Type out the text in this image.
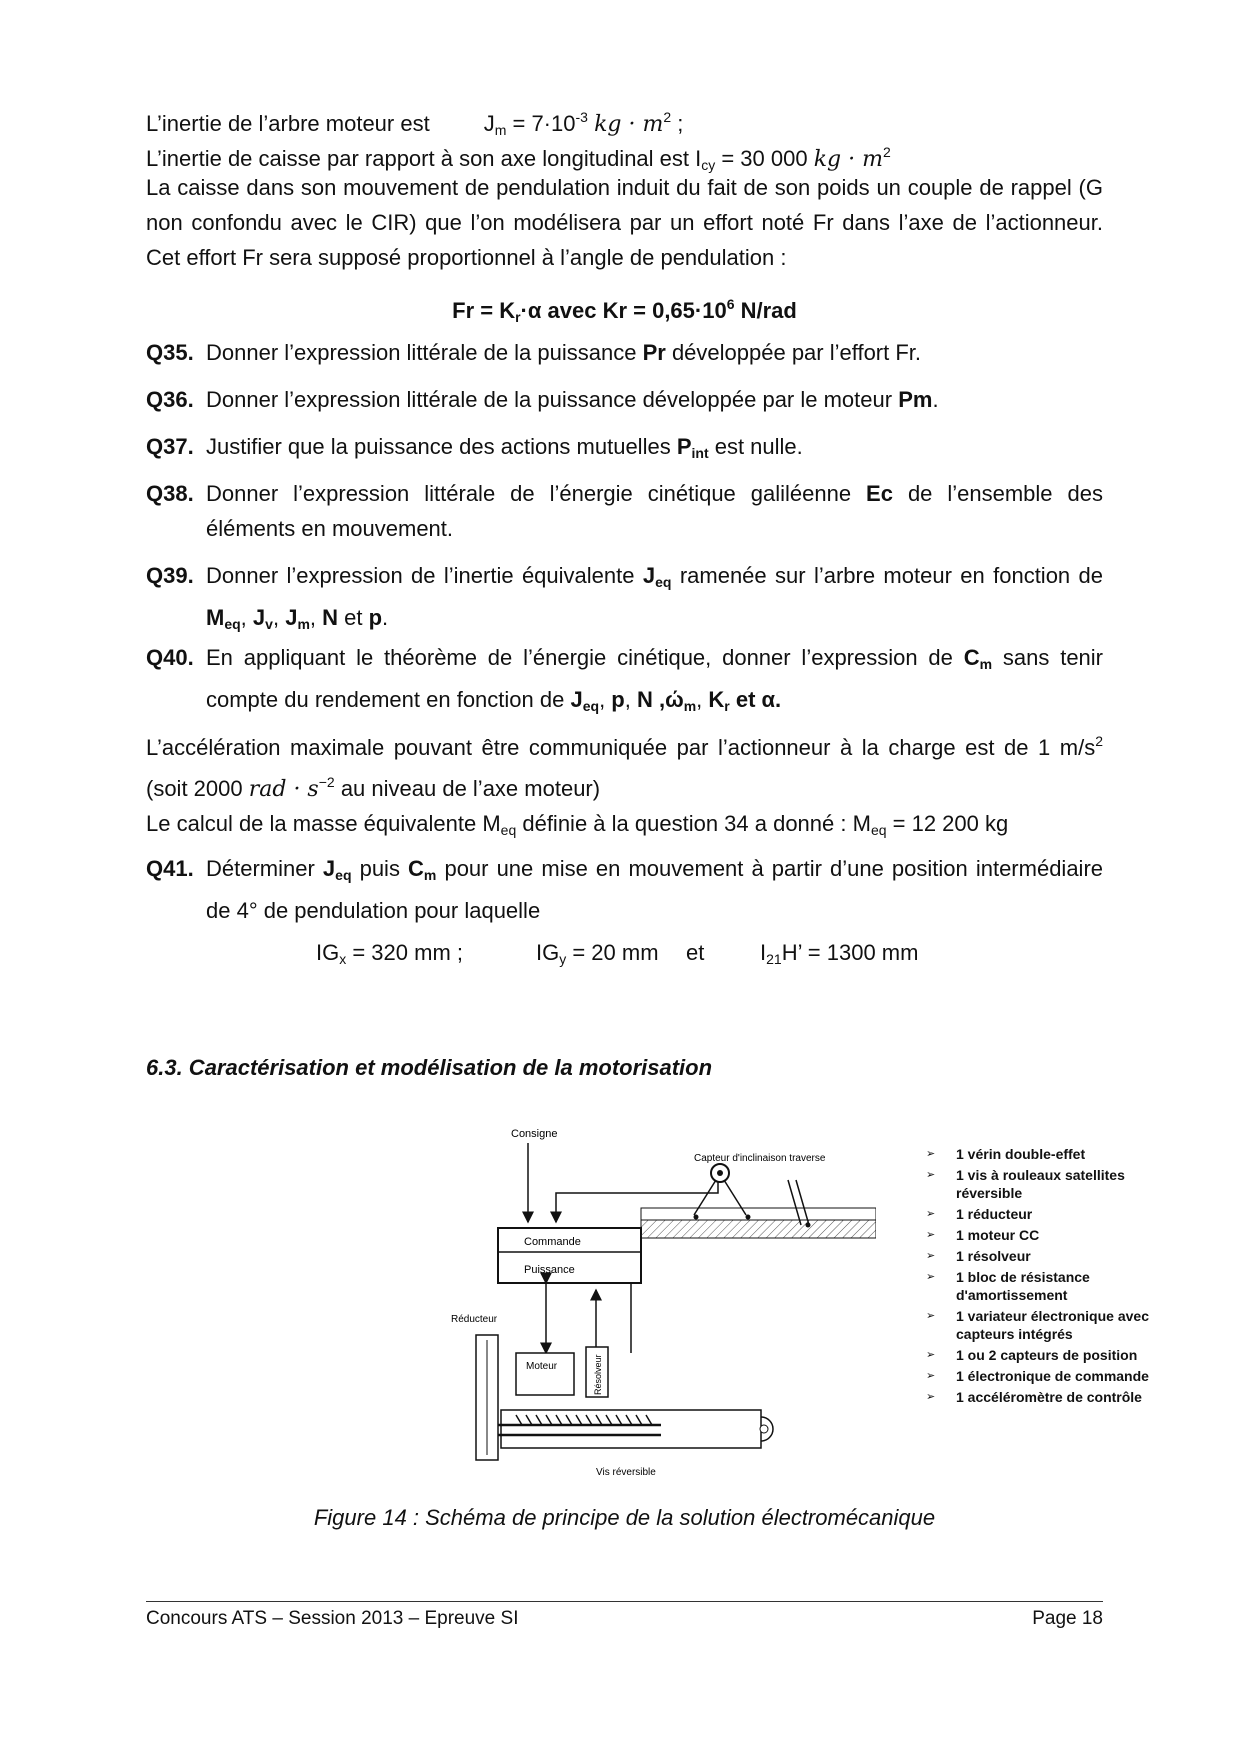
L’inertie de l’arbre moteur est $J_m = 7\cdot 10^{-3}$ kg · $m^2$ ;
L’inertie de caisse par rapport à son axe longitudinal est $I_{cy} = 30$ 000 kg · $m^2$
La caisse dans son mouvement de pendulation induit du fait de son poids un couple de rappel (G non confondu avec le CIR) que l’on modélisera par un effort noté Fr dans l’axe de l’actionneur. Cet effort Fr sera supposé proportionnel à l’angle de pendulation :
$Fr = K_r\cdot\alpha$ avec $Kr = 0,65\cdot 10^6$ N/rad
Q35. Donner l’expression littérale de la puissance Pr développée par l’effort Fr.
Q36. Donner l’expression littérale de la puissance développée par le moteur Pm.
Q37. Justifier que la puissance des actions mutuelles $P_{int}$ est nulle.
Q38. Donner l’expression littérale de l’énergie cinétique galiléenne Ec de l’ensemble des éléments en mouvement.
Q39. Donner l’expression de l’inertie équivalente $J_{eq}$ ramenée sur l’arbre moteur en fonction de $M_{eq}$, $J_v$, $J_m$, N et p.
Q40. En appliquant le théorème de l’énergie cinétique, donner l’expression de $C_m$ sans tenir compte du rendement en fonction de $J_{eq}$, p, N $,ώ_m$, $K_r$ et α.
L’accélération maximale pouvant être communiquée par l’actionneur à la charge est de 1 $m/s^2$ (soit 2000 rad · $s^{-2}$ au niveau de l’axe moteur)
Le calcul de la masse équivalente $M_{eq}$ définie à la question 34 a donné : $M_{eq} = 12$ 200 kg
Q41. Déterminer $J_{eq}$ puis $C_m$ pour une mise en mouvement à partir d’une position intermédiaire de 4° de pendulation pour laquelle
$IG_x = 320$ mm ;	$IG_y = 20$ mm et	$I_{21}H$’ = 1300 mm
6.3. Caractérisation et modélisation de la motorisation
Consigne
Capteur d'inclinaison traverse
Commande
Puissance
Réducteur
Moteur	Résolveur
Vis réversible
➢ 1 vérin double-effet
➢ 1 vis à rouleaux satellites réversible
➢ 1 réducteur
➢ 1 moteur CC
➢ 1 résolveur
➢ 1 bloc de résistance d'amortissement
➢ 1 variateur électronique avec capteurs intégrés
➢ 1 ou 2 capteurs de position
➢ 1 électronique de commande
➢ 1 accéléromètre de contrôle
Figure 14 : Schéma de principe de la solution électromécanique
Concours ATS – Session 2013 – Epreuve SI	Page 18
